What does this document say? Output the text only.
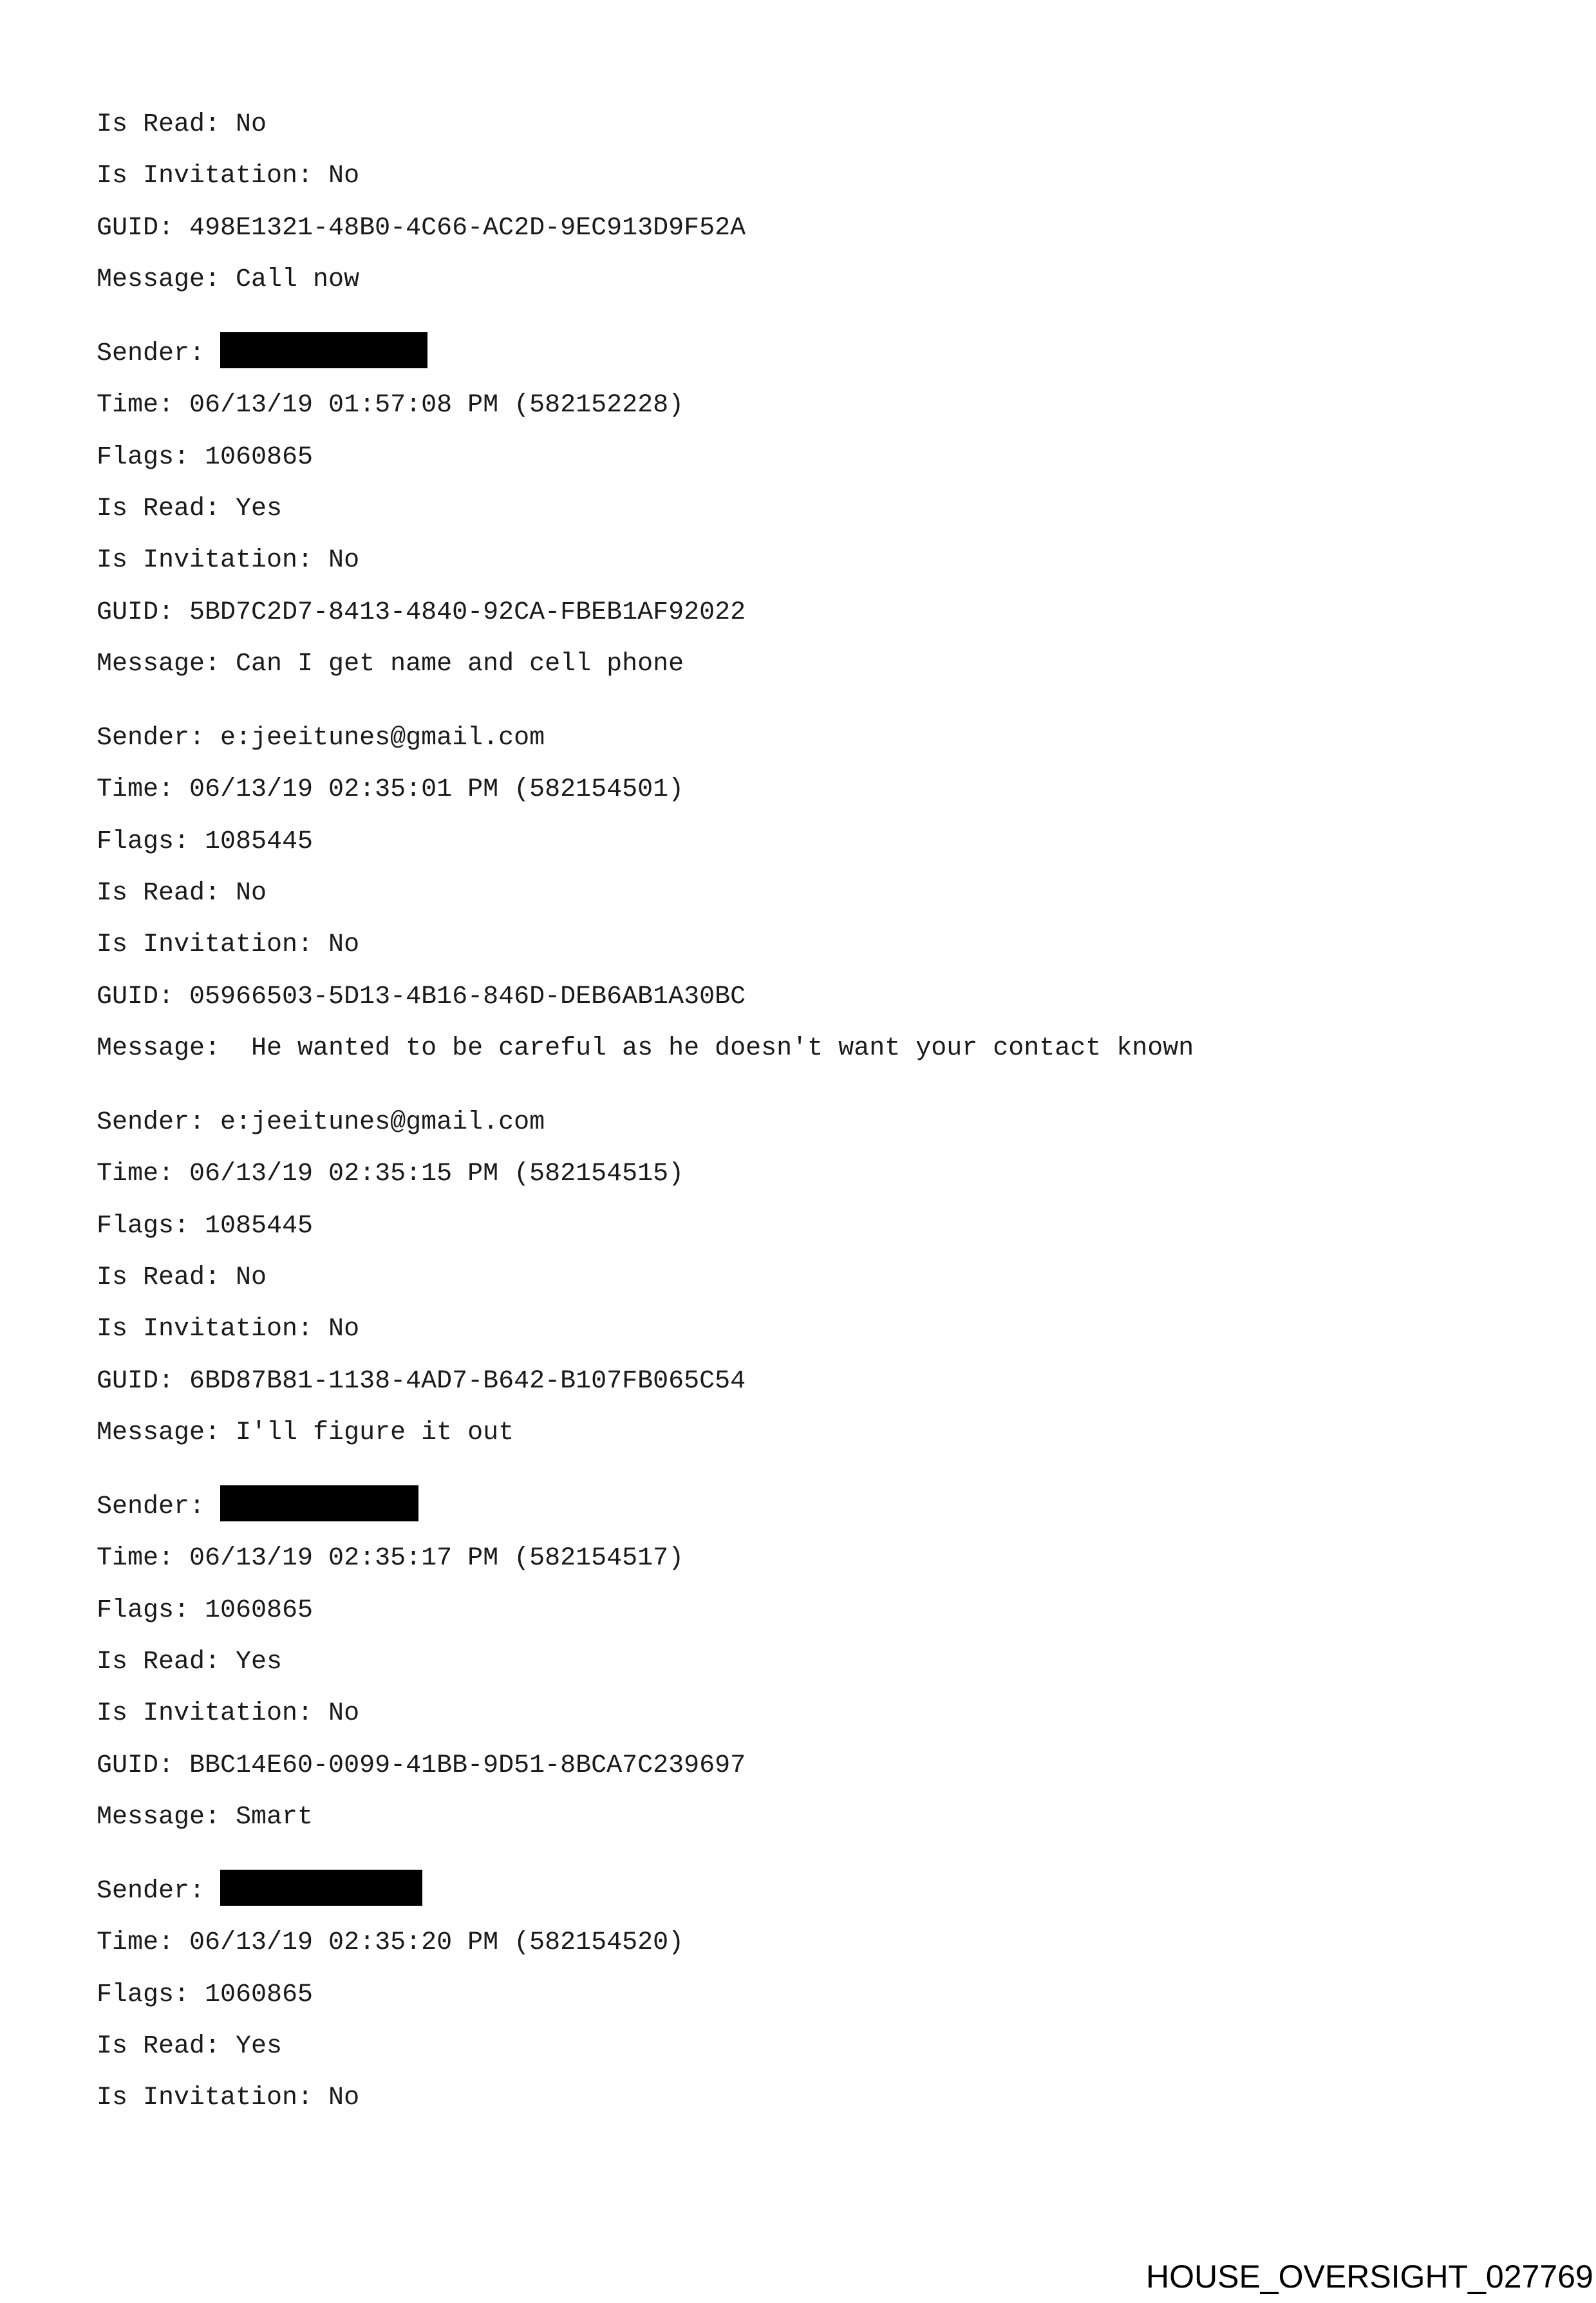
Is Read: No
Is Invitation: No
GUID: 498E1321-48B0-4C66-AC2D-9EC913D9F52A
Message: Call now
Sender:
Time: 06/13/19 01:57:08 PM (582152228)
Flags: 1060865
Is Read: Yes
Is Invitation: No
GUID: 5BD7C2D7-8413-4840-92CA-FBEB1AF92022
Message: Can I get name and cell phone
Sender: e:jeeitunes@gmail.com
Time: 06/13/19 02:35:01 PM (582154501)
Flags: 1085445
Is Read: No
Is Invitation: No
GUID: 05966503-5D13-4B16-846D-DEB6AB1A30BC
Message:  He wanted to be careful as he doesn't want your contact known
Sender: e:jeeitunes@gmail.com
Time: 06/13/19 02:35:15 PM (582154515)
Flags: 1085445
Is Read: No
Is Invitation: No
GUID: 6BD87B81-1138-4AD7-B642-B107FB065C54
Message: I'll figure it out
Sender:
Time: 06/13/19 02:35:17 PM (582154517)
Flags: 1060865
Is Read: Yes
Is Invitation: No
GUID: BBC14E60-0099-41BB-9D51-8BCA7C239697
Message: Smart
Sender:
Time: 06/13/19 02:35:20 PM (582154520)
Flags: 1060865
Is Read: Yes
Is Invitation: No
HOUSE_OVERSIGHT_027769
